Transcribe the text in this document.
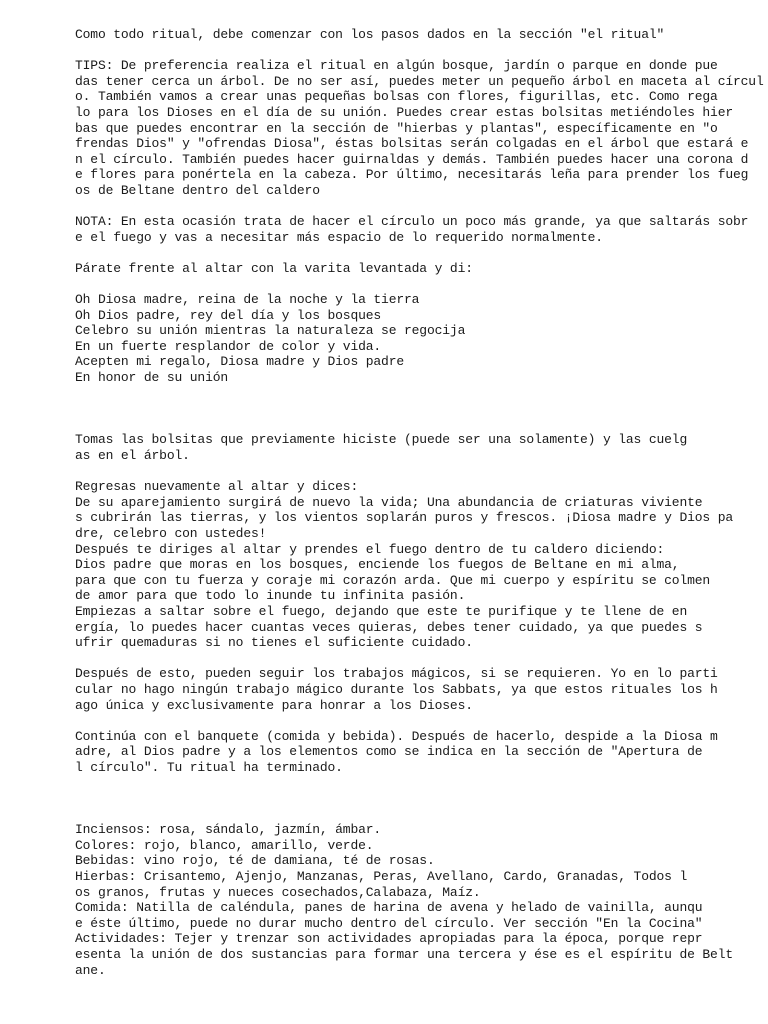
Como todo ritual, debe comenzar con los pasos dados en la sección "el ritual"
TIPS: De preferencia realiza el ritual en algún bosque, jardín o parque en donde pue
das tener cerca un árbol. De no ser así, puedes meter un pequeño árbol en maceta al círcul
o. También vamos a crear unas pequeñas bolsas con flores, figurillas, etc. Como rega
lo para los Dioses en el día de su unión. Puedes crear estas bolsitas metiéndoles hier
bas que puedes encontrar en la sección de "hierbas y plantas", específicamente en "o
frendas Dios" y "ofrendas Diosa", éstas bolsitas serán colgadas en el árbol que estará e
n el círculo. También puedes hacer guirnaldas y demás. También puedes hacer una corona d
e flores para ponértela en la cabeza. Por último, necesitarás leña para prender los fueg
os de Beltane dentro del caldero
NOTA: En esta ocasión trata de hacer el círculo un poco más grande, ya que saltarás sobr
e el fuego y vas a necesitar más espacio de lo requerido normalmente.
Párate frente al altar con la varita levantada y di:
Oh Diosa madre, reina de la noche y la tierra
Oh Dios padre, rey del día y los bosques
Celebro su unión mientras la naturaleza se regocija
En un fuerte resplandor de color y vida.
Acepten mi regalo, Diosa madre y Dios padre
En honor de su unión
Tomas las bolsitas que previamente hiciste (puede ser una solamente) y las cuelg
as en el árbol.
Regresas nuevamente al altar y dices:
De su aparejamiento surgirá de nuevo la vida; Una abundancia de criaturas viviente
s cubrirán las tierras, y los vientos soplarán puros y frescos. ¡Diosa madre y Dios pa
dre, celebro con ustedes!
Después te diriges al altar y prendes el fuego dentro de tu caldero diciendo:
Dios padre que moras en los bosques, enciende los fuegos de Beltane en mi alma,
para que con tu fuerza y coraje mi corazón arda. Que mi cuerpo y espíritu se colmen
de amor para que todo lo inunde tu infinita pasión.
Empiezas a saltar sobre el fuego, dejando que este te purifique y te llene de en
ergía, lo puedes hacer cuantas veces quieras, debes tener cuidado, ya que puedes s
ufrir quemaduras si no tienes el suficiente cuidado.
Después de esto, pueden seguir los trabajos mágicos, si se requieren. Yo en lo parti
cular no hago ningún trabajo mágico durante los Sabbats, ya que estos rituales los h
ago única y exclusivamente para honrar a los Dioses.
Continúa con el banquete (comida y bebida). Después de hacerlo, despide a la Diosa m
adre, al Dios padre y a los elementos como se indica en la sección de "Apertura de
l círculo". Tu ritual ha terminado.
Inciensos: rosa, sándalo, jazmín, ámbar.
Colores: rojo, blanco, amarillo, verde.
Bebidas: vino rojo, té de damiana, té de rosas.
Hierbas: Crisantemo, Ajenjo, Manzanas, Peras, Avellano, Cardo, Granadas, Todos l
os granos, frutas y nueces cosechados,Calabaza, Maíz.
Comida: Natilla de caléndula, panes de harina de avena y helado de vainilla, aunqu
e éste último, puede no durar mucho dentro del círculo. Ver sección "En la Cocina"
Actividades: Tejer y trenzar son actividades apropiadas para la época, porque repr
esenta la unión de dos sustancias para formar una tercera y ése es el espíritu de Belt
ane.
